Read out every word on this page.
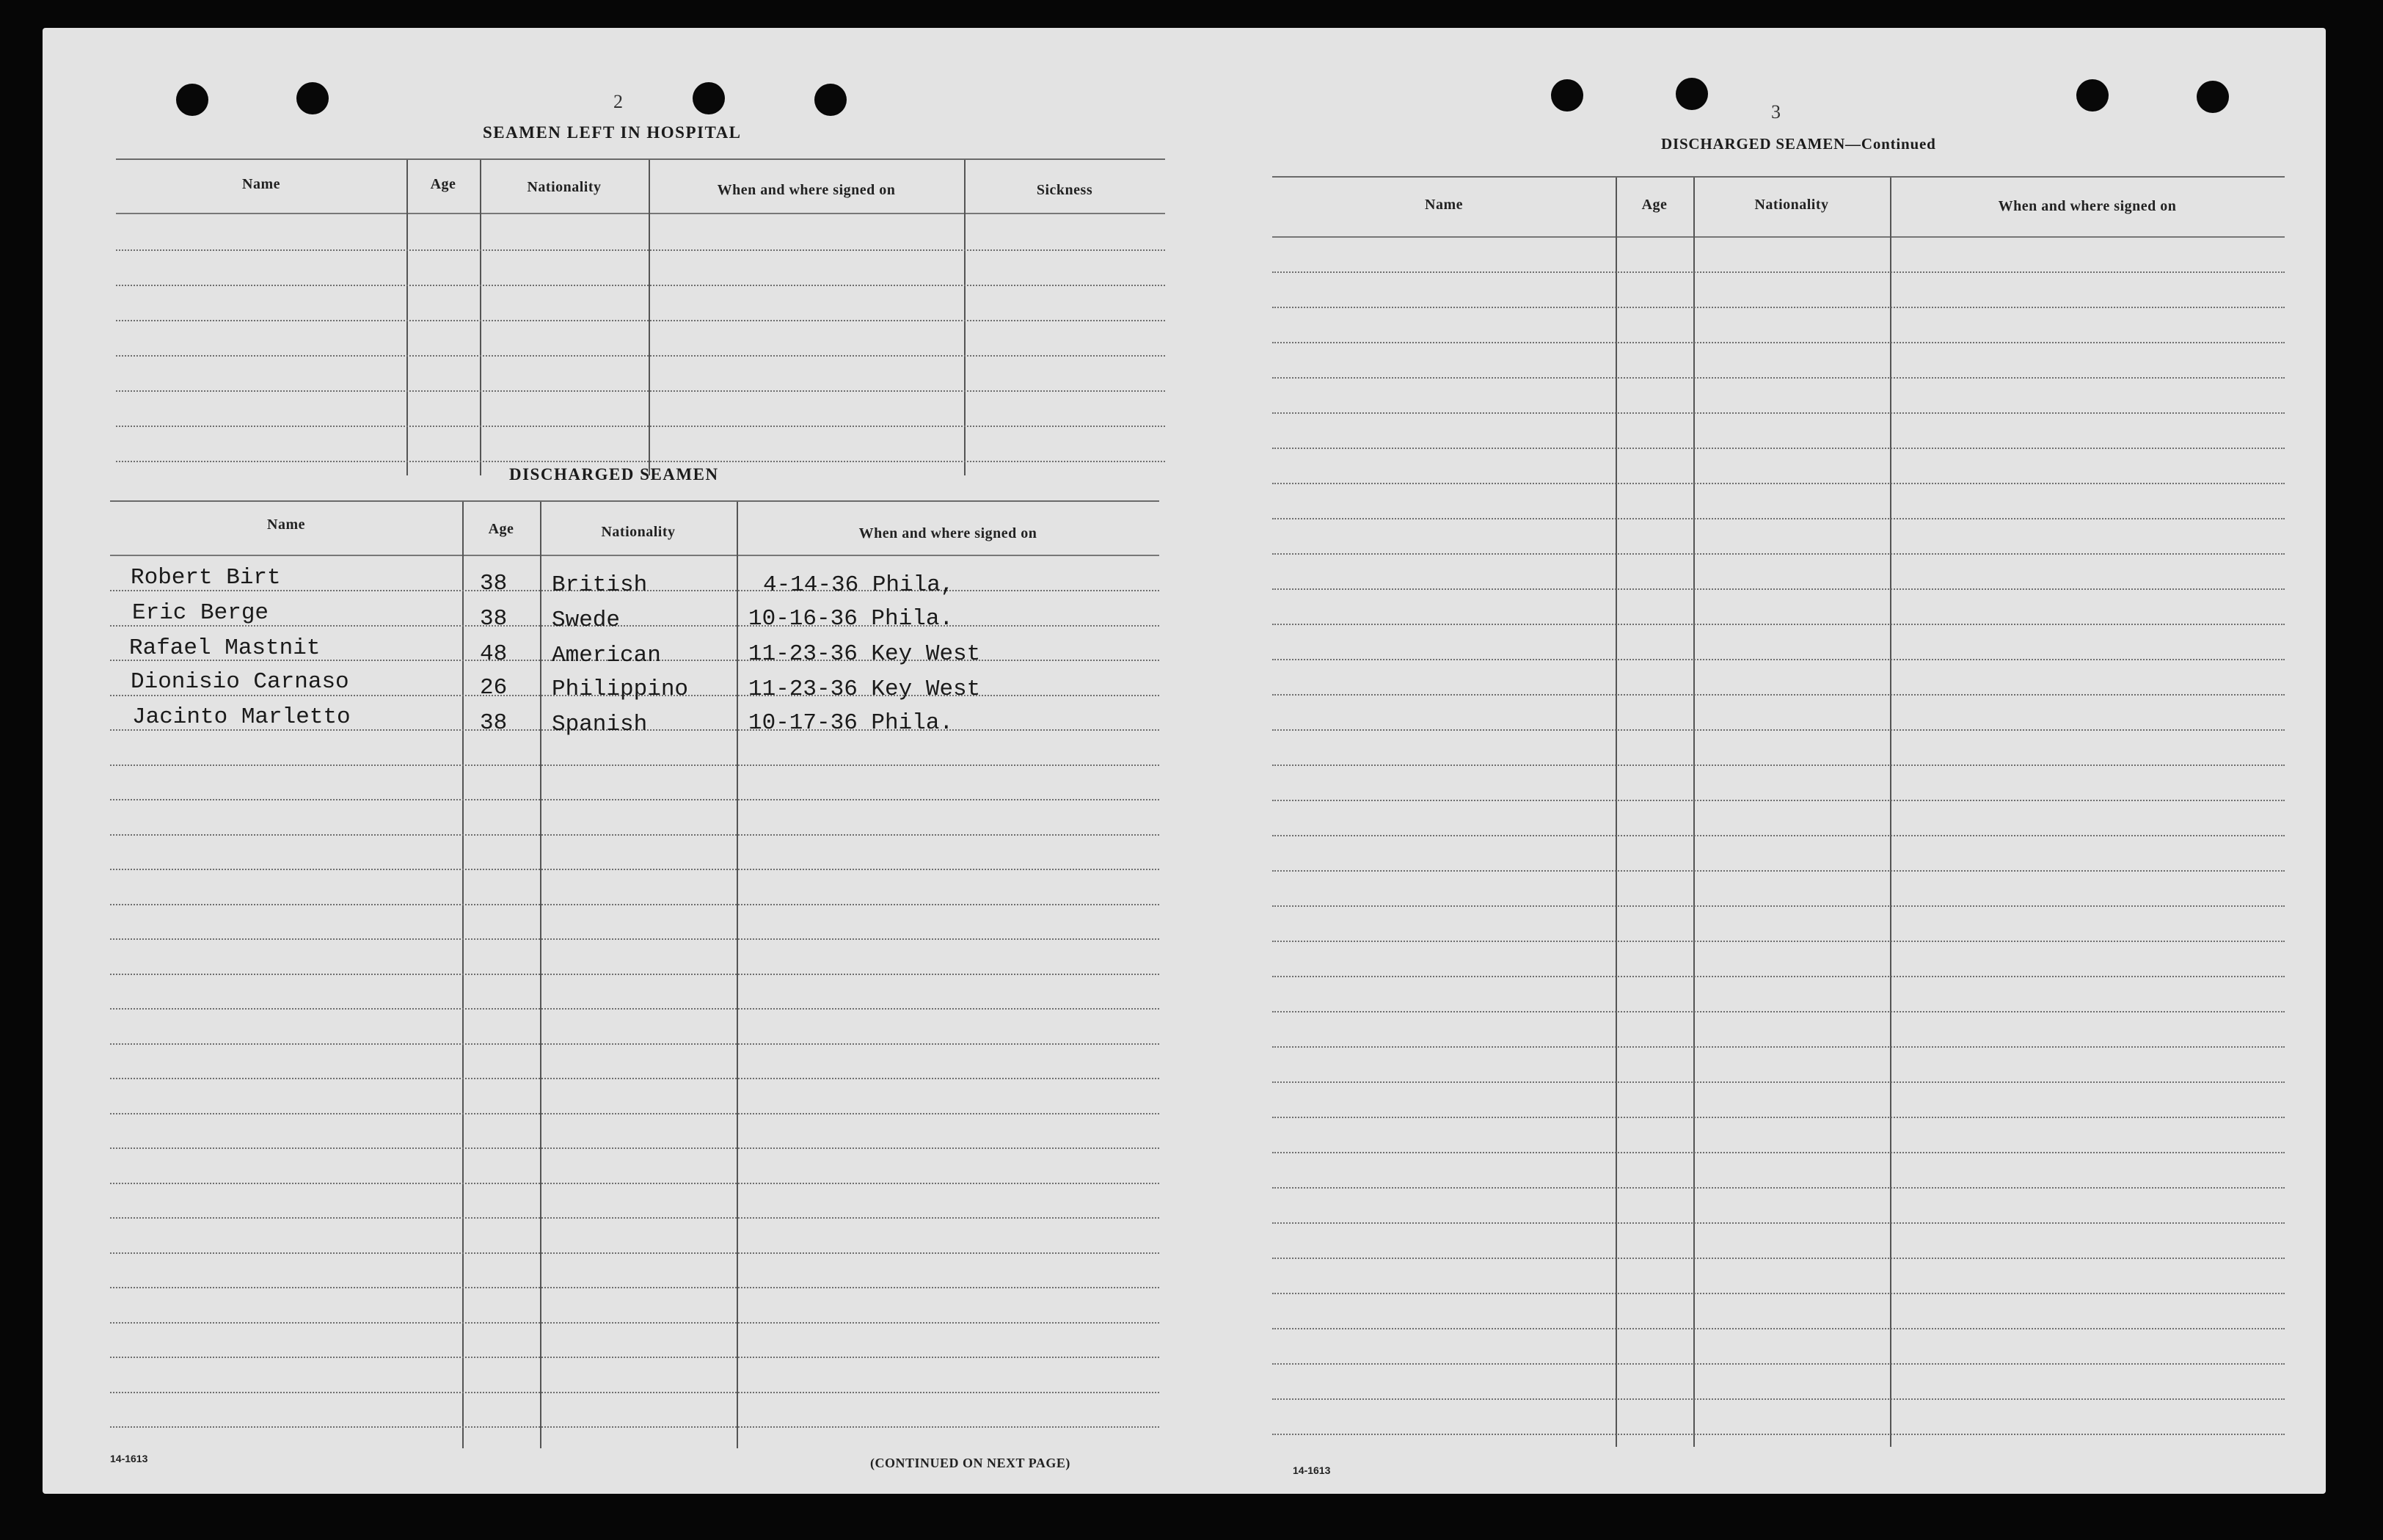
2
SEAMEN LEFT IN HOSPITAL
Name	Age	Nationality	When and where signed on	Sickness
DISCHARGED SEAMEN
Name	Age	Nationality	When and where signed on
Robert Birt	38 British	4-14-36 Phila,
Eric Berge	38 Swede	10-16-36 Phila.
Rafael Mastnit	48 American	11-23-36 Key West
Dionisio Carnaso	26 Philippino	11-23-36 Key West
Jacinto Marletto	38 Spanish	10-17-36 Phila.
14-1613	(CONTINUED ON NEXT PAGE)
3
DISCHARGED SEAMEN—Continued
Name	Age	Nationality	When and where signed on
14-1613
